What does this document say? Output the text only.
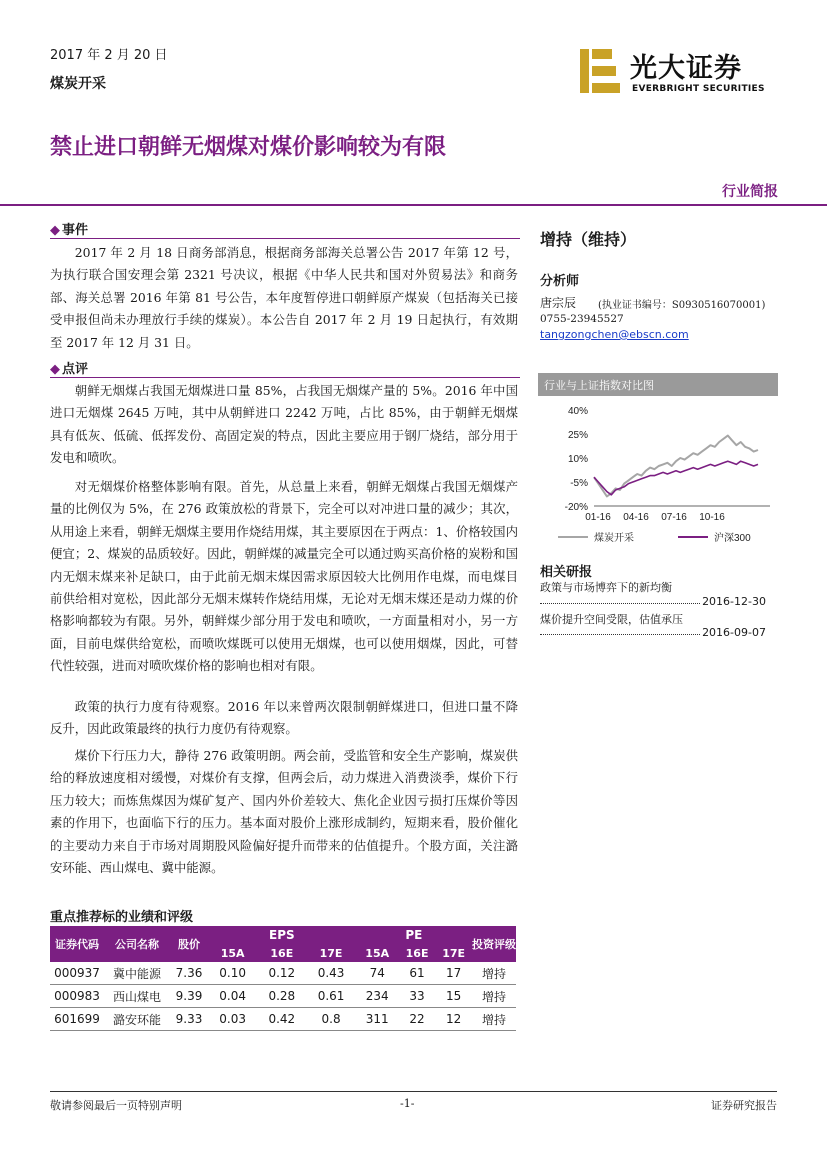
2017 年 2 月 20 日
煤炭开采	光大证券
EVERBRIGHT SECURITIES
禁止进口朝鲜无烟煤对煤价影响较为有限
行业简报
◆ 事件
2017 年 2 月 18 日商务部消息，根据商务部海关总署公告 2017 年第 12 号，为执行联合国安理会第 2321 号决议，根据《中华人民共和国对外贸易法》和商务部、海关总署 2016 年第 81 号公告，本年度暂停进口朝鲜原产煤炭（包括海关已接受申报但尚未办理放行手续的煤炭）。本公告自 2017 年 2 月 19 日起执行，有效期至 2017 年 12 月 31 日。
◆ 点评
朝鲜无烟煤占我国无烟煤进口量 85%，占我国无烟煤产量的 5%。2016 年中国进口无烟煤 2645 万吨，其中从朝鲜进口 2242 万吨，占比 85%，由于朝鲜无烟煤具有低灰、低硫、低挥发份、高固定炭的特点，因此主要应用于钢厂烧结，部分用于发电和喷吹。
对无烟煤价格整体影响有限。首先，从总量上来看，朝鲜无烟煤占我国无烟煤产量的比例仅为 5%，在 276 政策放松的背景下，完全可以对冲进口量的减少；其次，从用途上来看，朝鲜无烟煤主要用作烧结用煤，其主要原因在于两点：1、价格较国内便宜；2、煤炭的品质较好。因此，朝鲜煤的减量完全可以通过购买高价格的炭粉和国内无烟末煤来补足缺口，由于此前无烟末煤因需求原因较大比例用作电煤，而电煤目前供给相对宽松，因此部分无烟末煤转作烧结用煤，无论对无烟末煤还是动力煤的价格影响都较为有限。另外，朝鲜煤少部分用于发电和喷吹，一方面量相对小，另一方面，目前电煤供给宽松，而喷吹煤既可以使用无烟煤，也可以使用烟煤，因此，可替代性较强，进而对喷吹煤价格的影响也相对有限。
政策的执行力度有待观察。2016 年以来曾两次限制朝鲜煤进口，但进口量不降反升，因此政策最终的执行力度仍有待观察。
煤价下行压力大，静待 276 政策明朗。两会前，受监管和安全生产影响，煤炭供给的释放速度相对缓慢，对煤价有支撑，但两会后，动力煤进入消费淡季，煤价下行压力较大；而炼焦煤因为煤矿复产、国内外价差较大、焦化企业因亏损打压煤价等因素的作用下，也面临下行的压力。基本面对股价上涨形成制约，短期来看，股价催化的主要动力来自于市场对周期股风险偏好提升而带来的估值提升。个股方面，关注潞安环能、西山煤电、冀中能源。
增持（维持）
分析师
唐宗辰 (执业证书编号：S0930516070001)
0755-23945527
tangzongchen@ebscn.com
行业与上证指数对比图
40%
25%
10%
-5%
-20%
01-16 04-16 07-16 10-16
煤炭开采	沪深300
相关研报
政策与市场博弈下的新均衡
2016-12-30
煤价提升空间受限，估值承压
2016-09-07
重点推荐标的业绩和评级
证券代码	公司名称	股价	EPS			PE			投资评级
			15A	16E	17E	15A	16E	17E	
000937	冀中能源	7.36	0.10	0.12	0.43	74	61	17	增持
000983	西山煤电	9.39	0.04	0.28	0.61	234	33	15	增持
601699	潞安环能	9.33	0.03	0.42	0.8	311	22	12	增持
敬请参阅最后一页特别声明	-1-	证券研究报告
